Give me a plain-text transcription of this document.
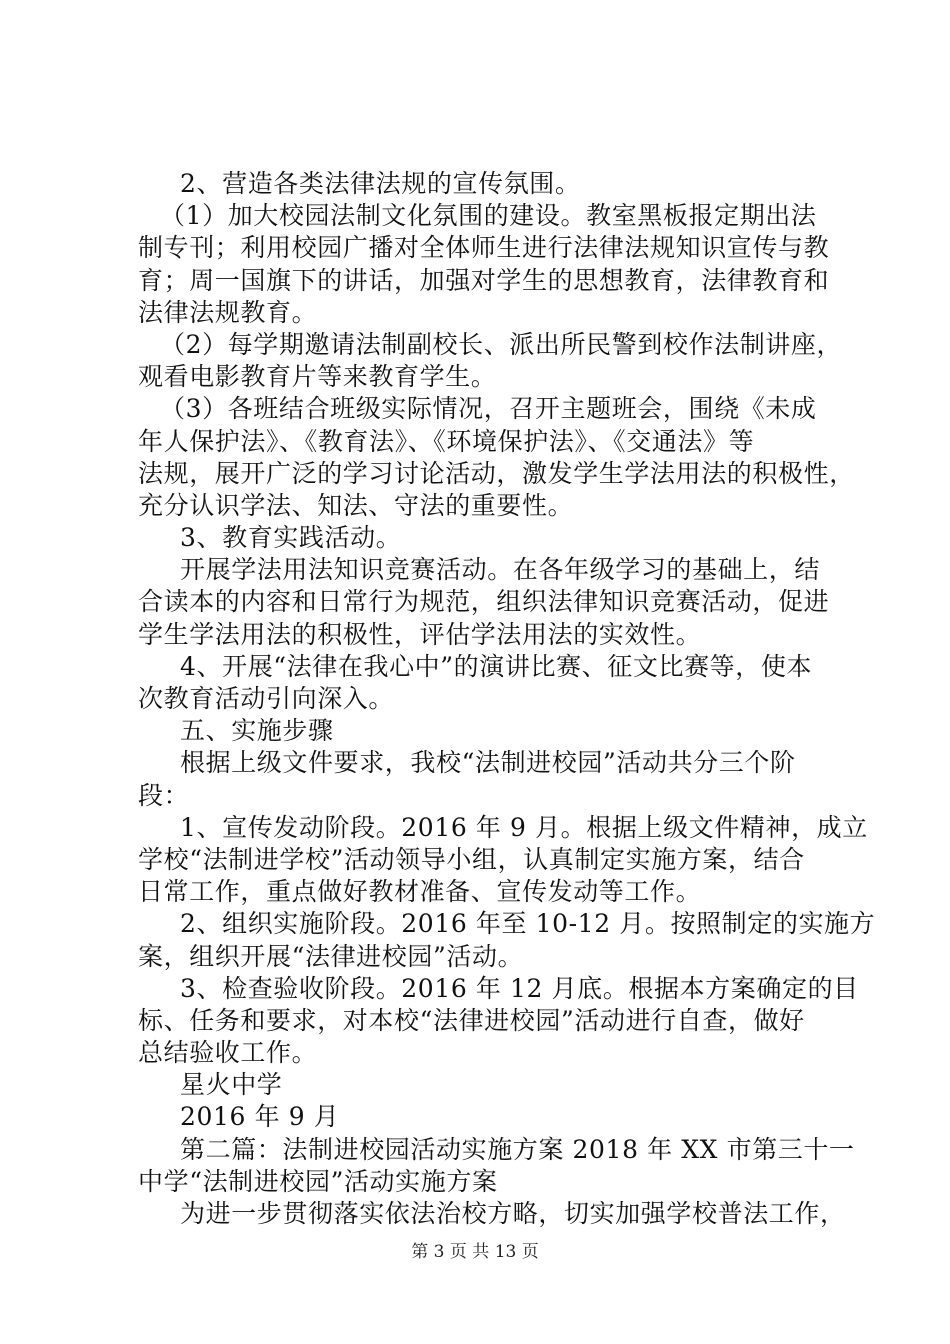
2、营造各类法律法规的宣传氛围。
（1）加大校园法制文化氛围的建设。教室黑板报定期出法
制专刊；利用校园广播对全体师生进行法律法规知识宣传与教
育；周一国旗下的讲话，加强对学生的思想教育，法律教育和
法律法规教育。
（2）每学期邀请法制副校长、派出所民警到校作法制讲座，
观看电影教育片等来教育学生。
（3）各班结合班级实际情况，召开主题班会，围绕《未成
年人保护法》、《教育法》、《环境保护法》、《交通法》等
法规，展开广泛的学习讨论活动，激发学生学法用法的积极性，
充分认识学法、知法、守法的重要性。
3、教育实践活动。
开展学法用法知识竞赛活动。在各年级学习的基础上，结
合读本的内容和日常行为规范，组织法律知识竞赛活动，促进
学生学法用法的积极性，评估学法用法的实效性。
4、开展“法律在我心中”的演讲比赛、征文比赛等，使本
次教育活动引向深入。
五、实施步骤
根据上级文件要求，我校“法制进校园”活动共分三个阶
段：
1、宣传发动阶段。2016 年 9 月。根据上级文件精神，成立
学校“法制进学校”活动领导小组，认真制定实施方案，结合
日常工作，重点做好教材准备、宣传发动等工作。
2、组织实施阶段。2016 年至 10-12 月。按照制定的实施方
案，组织开展“法律进校园”活动。
3、检查验收阶段。2016 年 12 月底。根据本方案确定的目
标、任务和要求，对本校“法律进校园”活动进行自查，做好
总结验收工作。
星火中学
2016 年 9 月
第二篇：法制进校园活动实施方案 2018 年 XX 市第三十一
中学“法制进校园”活动实施方案
为进一步贯彻落实依法治校方略，切实加强学校普法工作，
第 3 页 共 13 页
